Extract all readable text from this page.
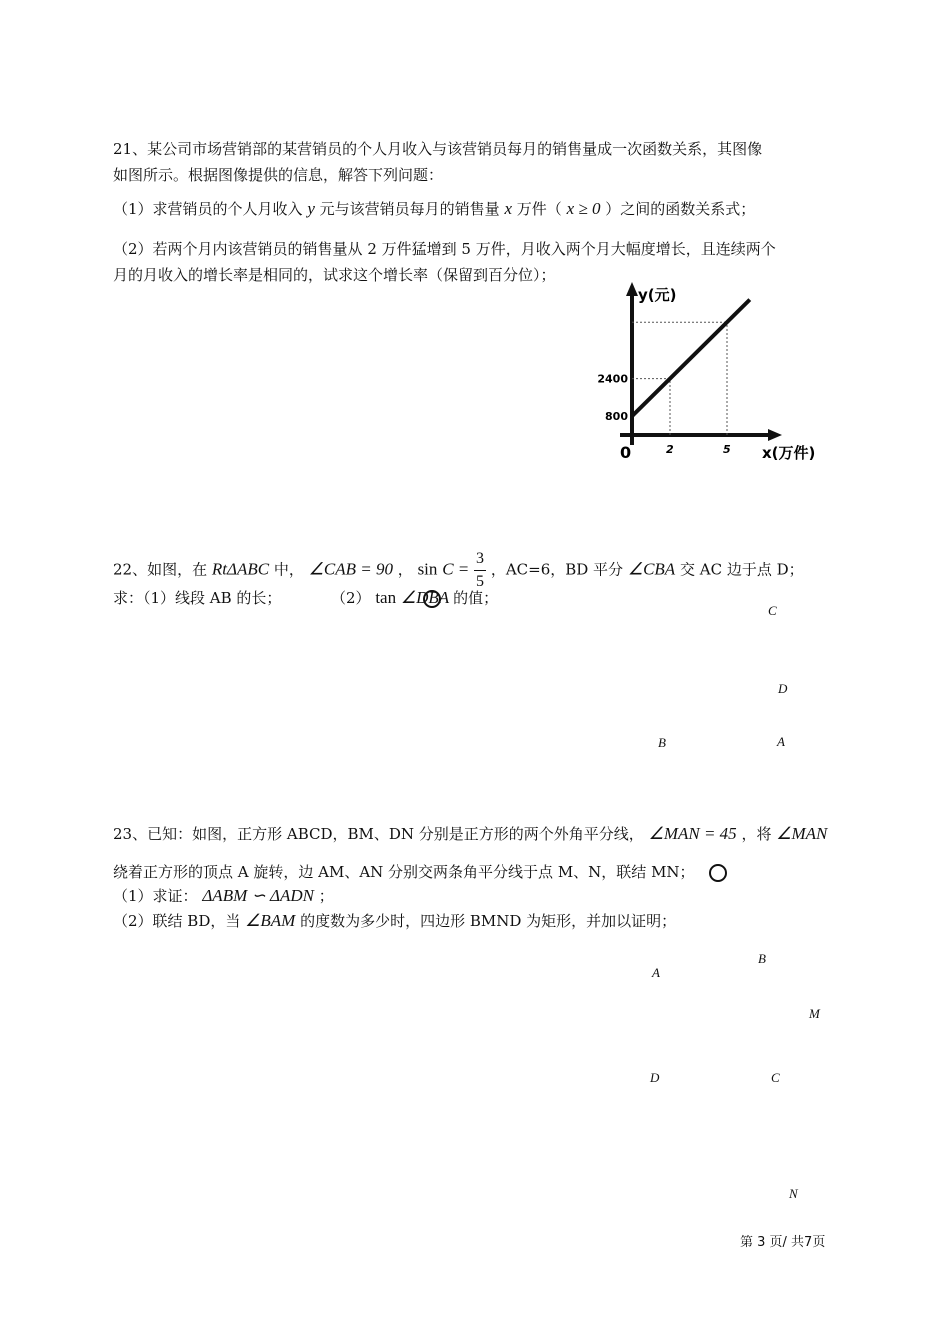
21、某公司市场营销部的某营销员的个人月收入与该营销员每月的销售量成一次函数关系，其图像
如图所示。根据图像提供的信息，解答下列问题：
（1）求营销员的个人月收入 y 元与该营销员每月的销售量 x 万件（ x ≥ 0 ）之间的函数关系式；
（2）若两个月内该营销员的销售量从 2 万件猛增到 5 万件，月收入两个月大幅度增长，且连续两个
月的月收入的增长率是相同的，试求这个增长率（保留到百分位）；
y(元)
x(万件)
0	2	5
800
2400
22、如图，在 RtΔABC 中， ∠CAB = 90 ， $\sin C = \frac{3}{5}$ ，AC=6，BD 平分 ∠CBA 交 AC 边于点 D；
求：（1）线段 AB 的长；	（2） tan ∠DBA 的值；
C
D
B	A
23、已知：如图，正方形 ABCD，BM、DN 分别是正方形的两个外角平分线， ∠MAN = 45 ，将 ∠MAN
绕着正方形的顶点 A 旋转，边 AM、AN 分别交两条角平分线于点 M、N，联结 MN；
（1）求证： ΔABM ∽ ΔADN ；
（2）联结 BD，当 ∠BAM 的度数为多少时，四边形 BMND 为矩形，并加以证明；
A
B
M
D	C
N
第 3 页/ 共7页
